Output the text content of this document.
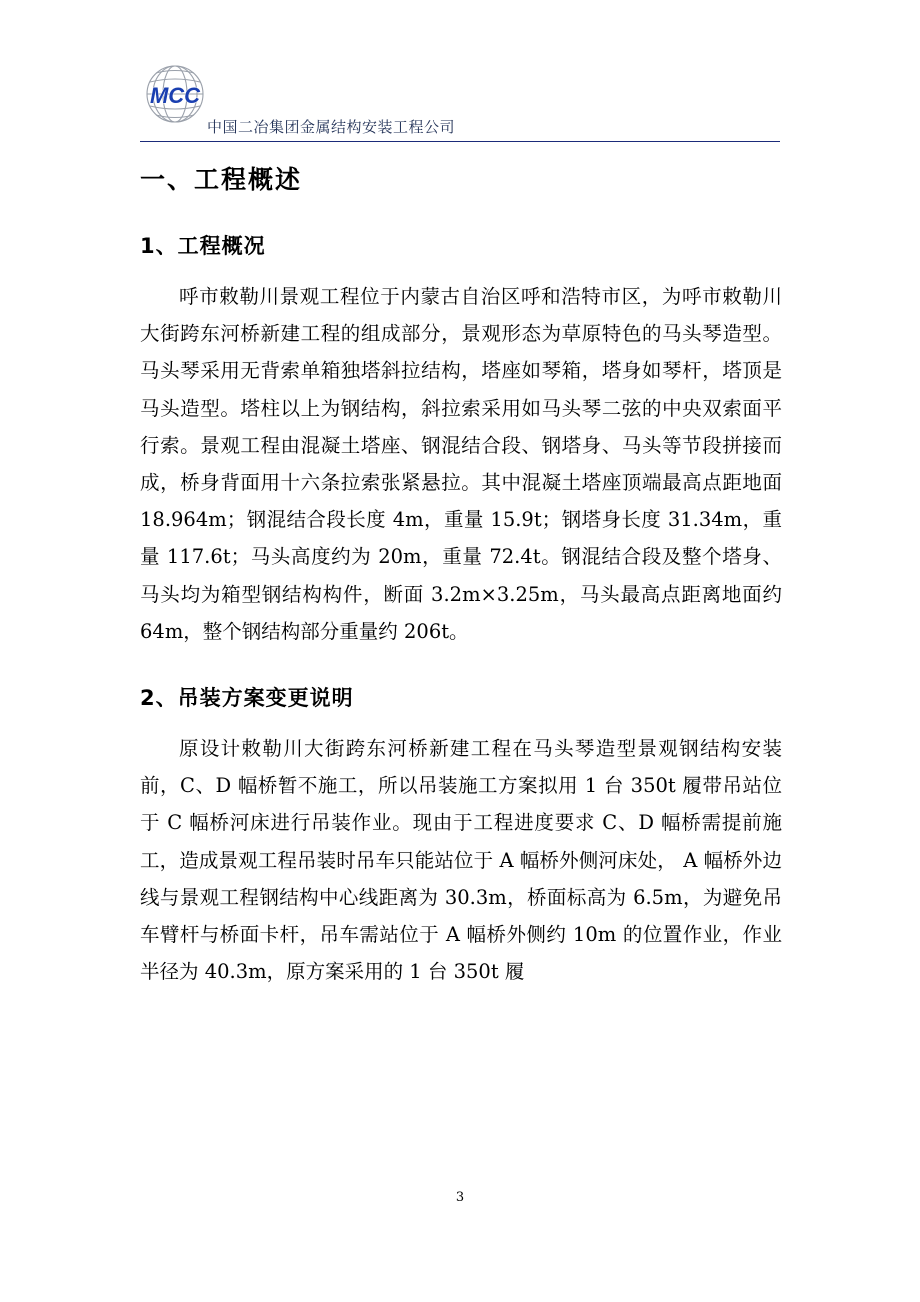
MCC
中国二冶集团金属结构安装工程公司
一、工程概述
1、工程概况

呼市敕勒川景观工程位于内蒙古自治区呼和浩特市区，为呼市敕勒川大街跨东河桥新建工程的组成部分，景观形态为草原特色的马头琴造型。马头琴采用无背索单箱独塔斜拉结构，塔座如琴箱，塔身如琴杆，塔顶是马头造型。塔柱以上为钢结构，斜拉索采用如马头琴二弦的中央双索面平行索。景观工程由混凝土塔座、钢混结合段、钢塔身、马头等节段拼接而成，桥身背面用十六条拉索张紧悬拉。其中混凝土塔座顶端最高点距地面 18.964m；钢混结合段长度 4m，重量 15.9t；钢塔身长度 31.34m，重量 117.6t；马头高度约为 20m，重量 72.4t。钢混结合段及整个塔身、马头均为箱型钢结构构件，断面 3.2m×3.25m，马头最高点距离地面约 64m，整个钢结构部分重量约 206t。

2、吊装方案变更说明

原设计敕勒川大街跨东河桥新建工程在马头琴造型景观钢结构安装前，C、D 幅桥暂不施工，所以吊装施工方案拟用 1 台 350t 履带吊站位于 C 幅桥河床进行吊装作业。现由于工程进度要求 C、D 幅桥需提前施工，造成景观工程吊装时吊车只能站位于 A 幅桥外侧河床处， A 幅桥外边线与景观工程钢结构中心线距离为 30.3m，桥面标高为 6.5m，为避免吊车臂杆与桥面卡杆，吊车需站位于 A 幅桥外侧约 10m 的位置作业，作业半径为 40.3m，原方案采用的 1 台 350t 履

3
